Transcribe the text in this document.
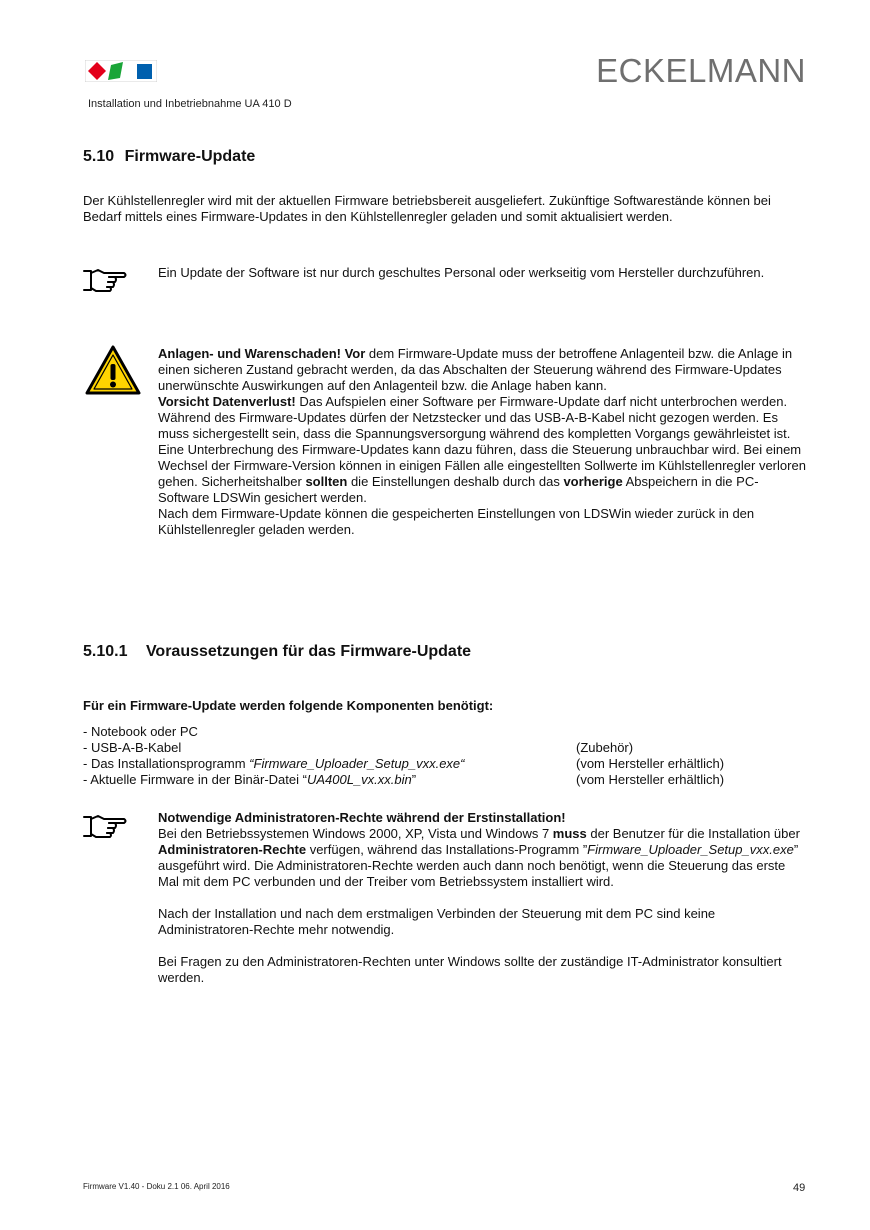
ECKELMANN
Installation und Inbetriebnahme UA 410 D
5.10 Firmware-Update
Der Kühlstellenregler wird mit der aktuellen Firmware betriebsbereit ausgeliefert. Zukünftige Softwarestände können bei Bedarf mittels eines Firmware-Updates in den Kühlstellenregler geladen und somit aktualisiert werden.
Ein Update der Software ist nur durch geschultes Personal oder werkseitig vom Hersteller durchzuführen.

Anlagen- und Warenschaden! Vor dem Firmware-Update muss der betroffene Anlagenteil bzw. die Anlage in einen sicheren Zustand gebracht werden, da das Abschalten der Steuerung während des Firmware-Updates unerwünschte Auswirkungen auf den Anlagenteil bzw. die Anlage haben kann.

Vorsicht Datenverlust! Das Aufspielen einer Software per Firmware-Update darf nicht unterbrochen werden. Während des Firmware-Updates dürfen der Netzstecker und das USB-A-B-Kabel nicht gezogen werden. Es muss sichergestellt sein, dass die Spannungsversorgung während des kompletten Vorgangs gewährleistet ist. Eine Unterbrechung des Firmware-Updates kann dazu führen, dass die Steuerung unbrauchbar wird. Bei einem Wechsel der Firmware-Version können in einigen Fällen alle eingestellten Sollwerte im Kühlstellenregler verloren gehen. Sicherheitshalber sollten die Einstellungen deshalb durch das vorherige Abspeichern in die PC-Software LDSWin gesichert werden.

Nach dem Firmware-Update können die gespeicherten Einstellungen von LDSWin wieder zurück in den Kühlstellenregler geladen werden.

5.10.1 Voraussetzungen für das Firmware-Update
Für ein Firmware-Update werden folgende Komponenten benötigt:
- Notebook oder PC
- USB-A-B-Kabel	(Zubehör)
- Das Installationsprogramm “Firmware_Uploader_Setup_vxx.exe“	(vom Hersteller erhältlich)
- Aktuelle Firmware in der Binär-Datei “UA400L_vx.xx.bin”	(vom Hersteller erhältlich)

Notwendige Administratoren-Rechte während der Erstinstallation!

Bei den Betriebssystemen Windows 2000, XP, Vista und Windows 7 muss der Benutzer für die Installation über Administratoren-Rechte verfügen, während das Installations-Programm ”Firmware_Uploader_Setup_vxx.exe” ausgeführt wird. Die Administratoren-Rechte werden auch dann noch benötigt, wenn die Steuerung das erste Mal mit dem PC verbunden und der Treiber vom Betriebssystem installiert wird.

Nach der Installation und nach dem erstmaligen Verbinden der Steuerung mit dem PC sind keine Administratoren-Rechte mehr notwendig.

Bei Fragen zu den Administratoren-Rechten unter Windows sollte der zuständige IT-Administrator konsultiert werden.

Firmware V1.40 - Doku 2.1 06. April 2016	49
